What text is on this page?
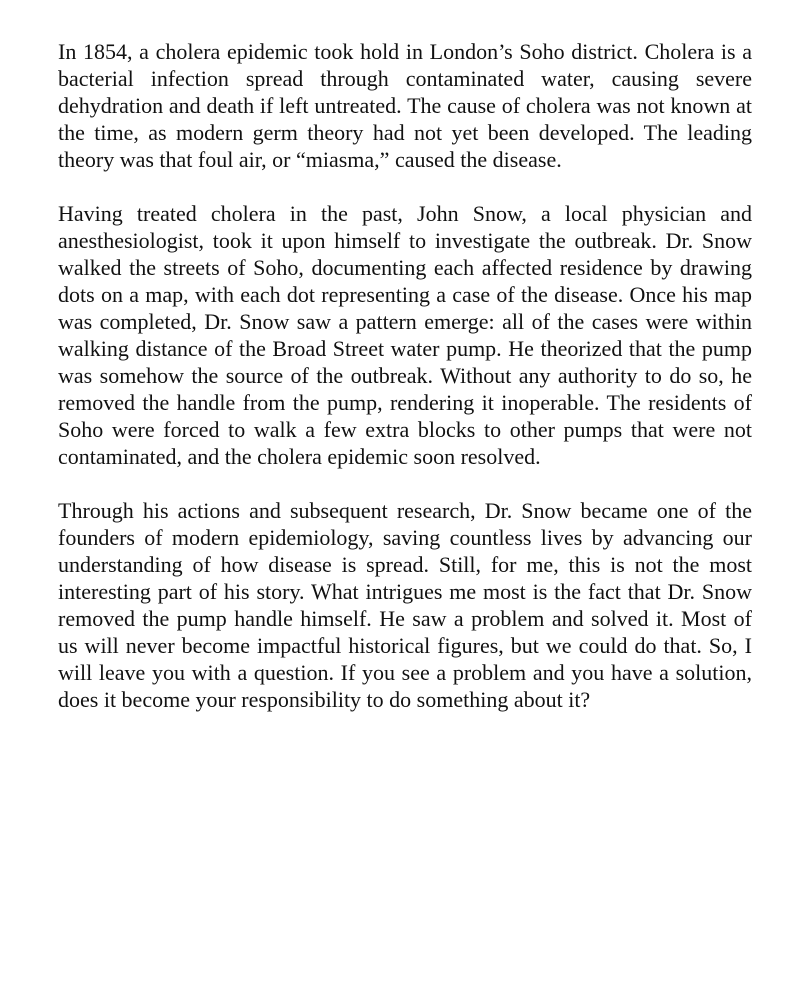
In 1854, a cholera epidemic took hold in London’s Soho district. Cholera is a bacterial infection spread through contaminated water, causing severe dehydration and death if left untreated. The cause of cholera was not known at the time, as modern germ theory had not yet been developed. The leading theory was that foul air, or “miasma,” caused the disease.

Having treated cholera in the past, John Snow, a local physician and anesthesiologist, took it upon himself to investigate the outbreak. Dr. Snow walked the streets of Soho, documenting each affected residence by drawing dots on a map, with each dot representing a case of the disease. Once his map was completed, Dr. Snow saw a pattern emerge: all of the cases were within walking distance of the Broad Street water pump. He theorized that the pump was somehow the source of the outbreak. Without any authority to do so, he removed the handle from the pump, rendering it inoperable. The residents of Soho were forced to walk a few extra blocks to other pumps that were not contaminated, and the cholera epidemic soon resolved.

Through his actions and subsequent research, Dr. Snow became one of the founders of modern epidemiology, saving countless lives by advancing our understanding of how disease is spread. Still, for me, this is not the most interesting part of his story. What intrigues me most is the fact that Dr. Snow removed the pump handle himself. He saw a problem and solved it. Most of us will never become impactful historical figures, but we could do that. So, I will leave you with a question. If you see a problem and you have a solution, does it become your responsibility to do something about it?
